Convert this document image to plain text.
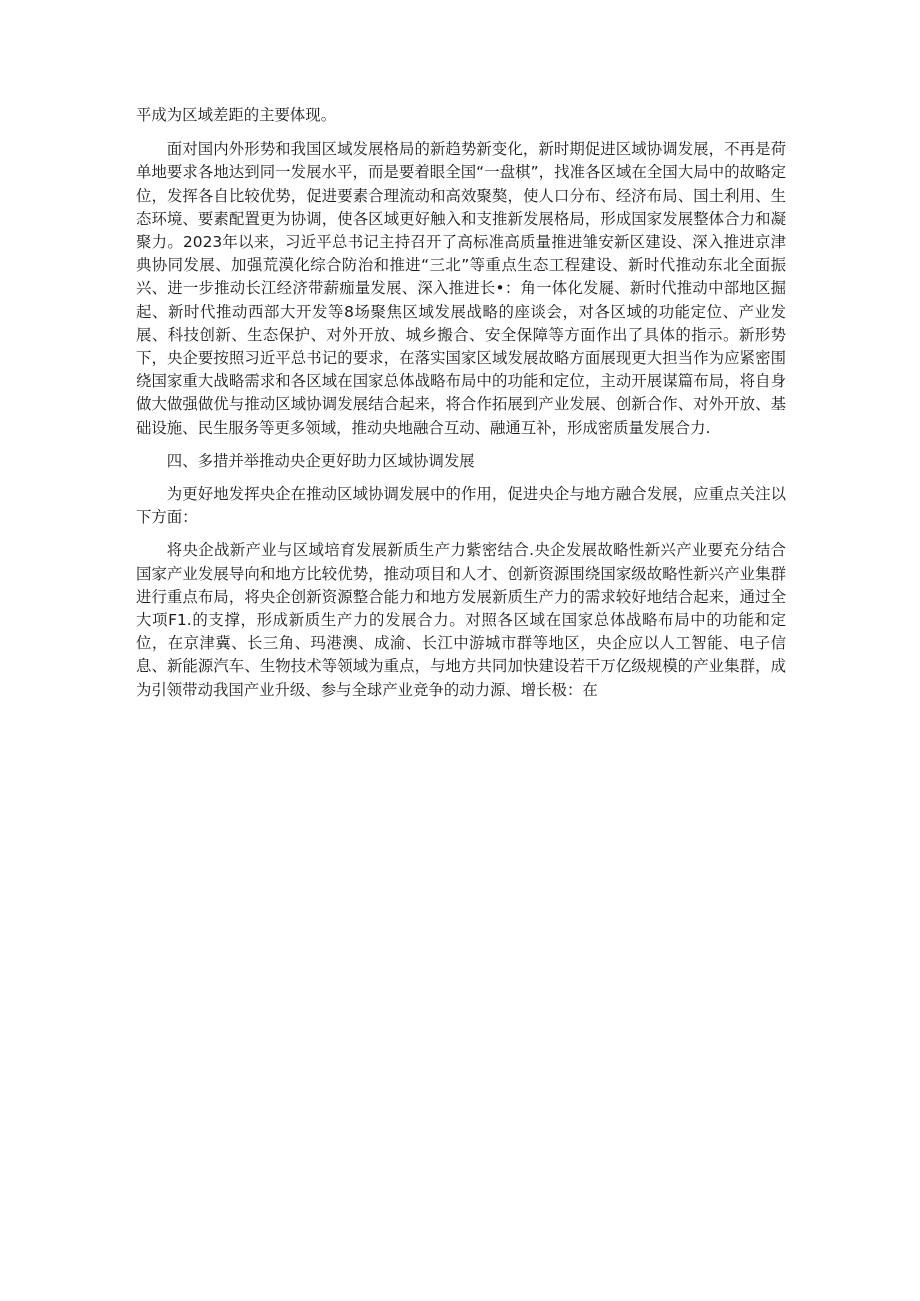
平成为区域差距的主要体现。

面对国内外形势和我国区域发展格局的新趋势新变化，新时期促进区域协调发展，不再是荷单地要求各地达到同一发展水平，而是要着眼全国“一盘棋”，找准各区域在全国大局中的故略定位，发挥各自比较优势，促进要素合理流动和高效聚獒，使人口分布、经济布局、国土利用、生态环境、要素配置更为协调，使各区域更好触入和支推新发展格局，形成国家发展整体合力和凝聚力。2023年以来，习近平总书记主持召开了高标准高质量推进雏安新区建设、深入推进京津典协同发展、加强荒漠化综合防治和推进“三北”等重点生态工程建设、新时代推动东北全面振兴、进一步推动长江经济带薪痂量发展、深入推进长•：角一体化发屣、新时代推动中部地区掘起、新时代推动西部大开发等8场聚焦区域发展战略的座谈会，对各区域的功能定位、产业发展、科技创新、生态保护、对外开放、城乡搬合、安全保障等方面作出了具体的指示。新形势下，央企要按照习近平总书记的要求，在落实国家区域发展故略方面展现更大担当作为应紧密围绕国家重大战略需求和各区域在国家总体战略布局中的功能和定位，主动开展谋篇布局，将自身做大做强做优与推动区域协调发展结合起来，将合作拓展到产业发展、创新合作、对外开放、基础设施、民生服务等更多领域，推动央地融合互动、融通互补，形成密质量发展合力.

四、多措并举推动央企更好助力区域协调发展

为更好地发挥央企在推动区域协调发展中的作用，促进央企与地方融合发展，应重点关注以下方面：

将央企战新产业与区域培育发展新质生产力紫密结合.央企发展故略性新兴产业要充分结合国家产业发展导向和地方比较优势，推动项目和人才、创新资源围绕国家级故略性新兴产业集群进行重点布局，将央企创新资源整合能力和地方发展新质生产力的需求较好地结合起来，通过全大项F1.的支撑，形成新质生产力的发展合力。对照各区域在国家总体战略布局中的功能和定位，在京津冀、长三角、玛港澳、成渝、长江中游城市群等地区，央企应以人工智能、电子信息、新能源汽车、生物技术等领域为重点，与地方共同加快建设若干万亿级规模的产业集群，成为引领带动我国产业升级、参与全球产业竞争的动力源、增长极：在
